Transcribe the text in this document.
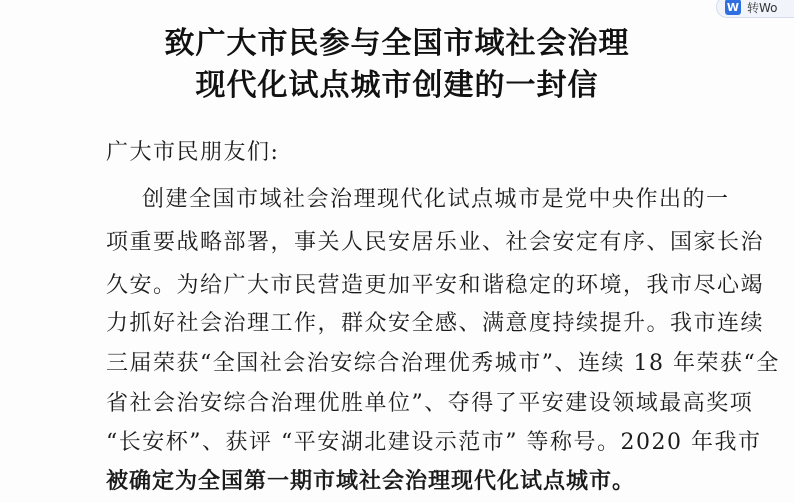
致广大市民参与全国市域社会治理
现代化试点城市创建的一封信

广大市民朋友们:

创建全国市域社会治理现代化试点城市是党中央作出的一

项重要战略部署，事关人民安居乐业、社会安定有序、国家长治

久安。为给广大市民营造更加平安和谐稳定的环境，我市尽心竭

力抓好社会治理工作，群众安全感、满意度持续提升。我市连续

三届荣获“全国社会治安综合治理优秀城市”、连续 18 年荣获“全

省社会治安综合治理优胜单位”、夺得了平安建设领域最高奖项

“长安杯”、获评 “平安湖北建设示范市” 等称号。2020 年我市

被确定为全国第一期市域社会治理现代化试点城市。

W 转Wo
